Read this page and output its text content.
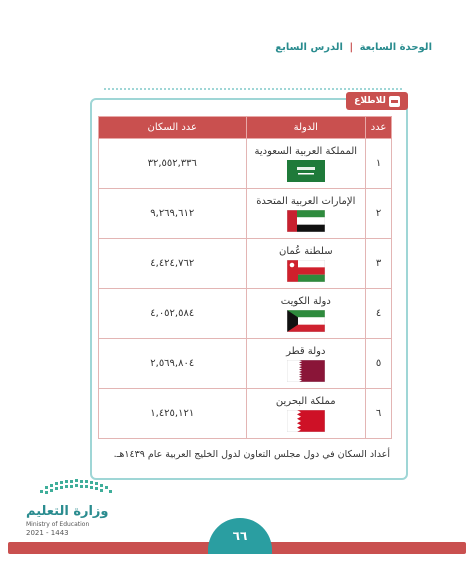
الوحدة السابعة | الدرس السابع
للاطلاع
عدد	الدولة	عدد السكان
١	المملكة العربية السعودية	٣٢,٥٥٢,٣٣٦
٢	الإمارات العربية المتحدة	٩,٢٦٩,٦١٢
٣	سلطنة عُمان	٤,٤٢٤,٧٦٢
٤	دولة الكويت	٤,٠٥٢,٥٨٤
٥	دولة قطر	٢,٥٦٩,٨٠٤
٦	مملكة البحرين	١,٤٢٥,١٢١
أعداد السكان في دول مجلس التعاون لدول الخليج العربية عام ١٤٣٩هـ.
وزارة التعليم
Ministry of Education
2021 - 1443	٦٦
